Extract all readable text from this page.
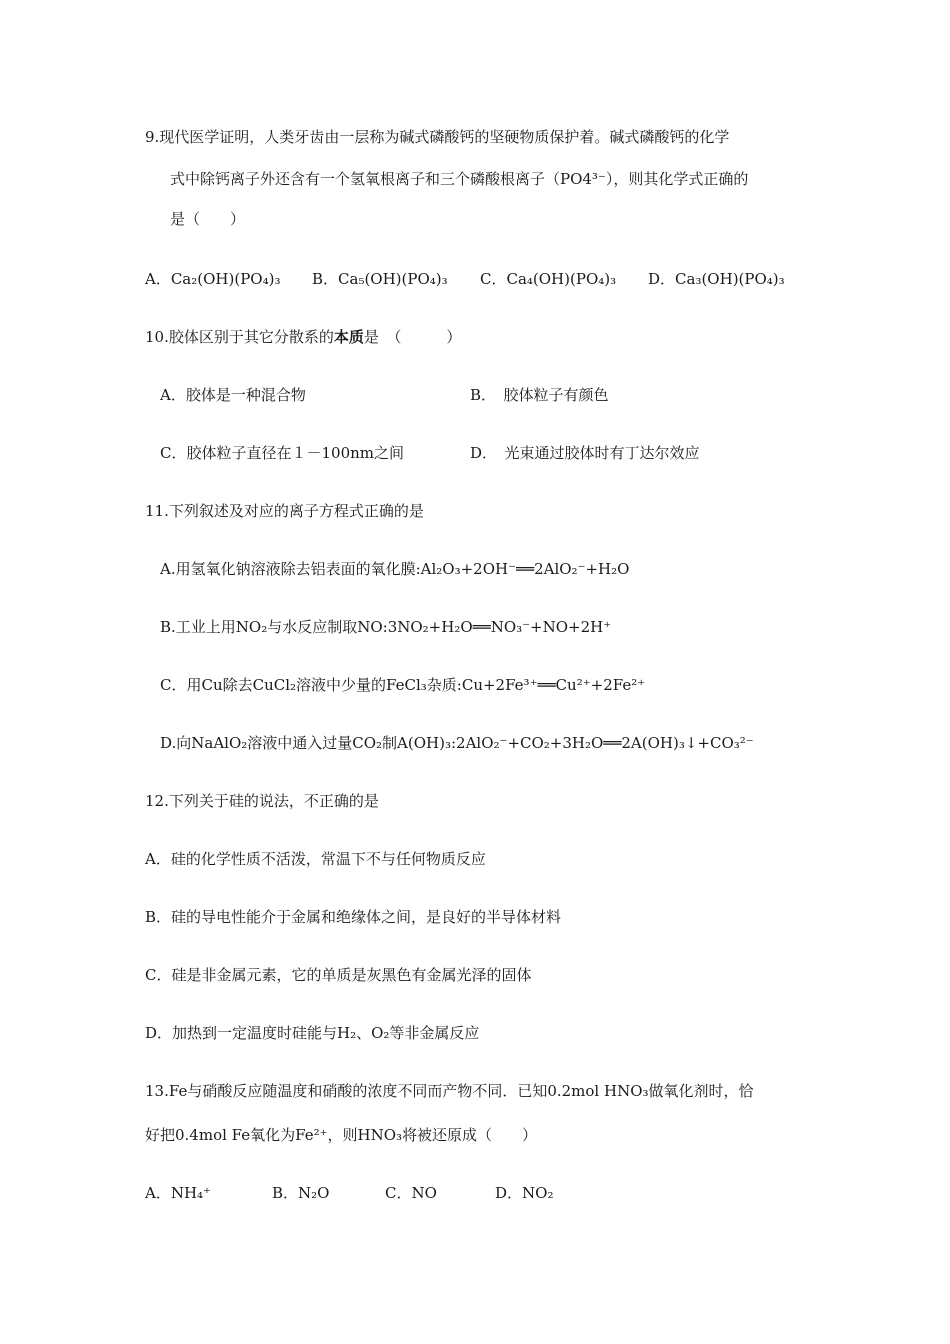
9.现代医学证明，人类牙齿由一层称为碱式磷酸钙的坚硬物质保护着。碱式磷酸钙的化学
式中除钙离子外还含有一个氢氧根离子和三个磷酸根离子（PO4³⁻），则其化学式正确的
是（　　）
A．Ca₂(OH)(PO₄)₃ B．Ca₅(OH)(PO₄)₃ C．Ca₄(OH)(PO₄)₃ D．Ca₃(OH)(PO₄)₃
10.胶体区别于其它分散系的本质是　（　　　）
A．胶体是一种混合物	B．　胶体粒子有颜色
C．胶体粒子直径在１－100nm之间	D．　光束通过胶体时有丁达尔效应
11.下列叙述及对应的离子方程式正确的是
A.用氢氧化钠溶液除去铝表面的氧化膜:Al₂O₃+2OH⁻══2AlO₂⁻+H₂O
B.工业上用NO₂与水反应制取NO:3NO₂+H₂O══NO₃⁻+NO+2H⁺
C．用Cu除去CuCl₂溶液中少量的FeCl₃杂质:Cu+2Fe³⁺══Cu²⁺+2Fe²⁺
D.向NaAlO₂溶液中通入过量CO₂制A(OH)₃:2AlO₂⁻+CO₂+3H₂O══2A(OH)₃↓+CO₃²⁻
12.下列关于硅的说法，不正确的是
A．硅的化学性质不活泼，常温下不与任何物质反应
B．硅的导电性能介于金属和绝缘体之间，是良好的半导体材料
C．硅是非金属元素，它的单质是灰黑色有金属光泽的固体
D．加热到一定温度时硅能与H₂、O₂等非金属反应
13.Fe与硝酸反应随温度和硝酸的浓度不同而产物不同．已知0.2mol HNO₃做氧化剂时，恰
好把0.4mol Fe氧化为Fe²⁺，则HNO₃将被还原成（　　）
A．NH₄⁺	B．N₂O	C．NO	D．NO₂
